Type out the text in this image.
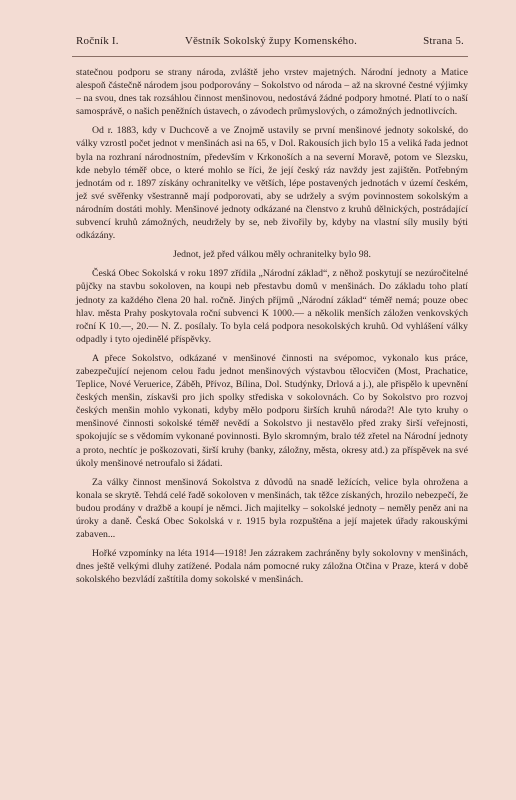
Ročník I.	Věstník Sokolský župy Komenského.	Strana 5.

statečnou podporu se strany národa, zvláště jeho vrstev majetných. Národní jednoty a Matice alespoň částečně národem jsou podporovány – Sokolstvo od národa – až na skrovné čestné výjimky – na svou, dnes tak rozsáhlou činnost menšinovou, nedostává žádné podpory hmotné. Platí to o naší samosprávě, o našich peněžních ústavech, o závodech průmyslových, o zámožných jednotlivcích.

Od r. 1883, kdy v Duchcově a ve Znojmě ustavily se první menšinové jednoty sokolské, do války vzrostl počet jednot v menšinách asi na 65, v Dol. Rakousích jich bylo 15 a veliká řada jednot byla na rozhraní národnostním, především v Krkonoších a na severní Moravě, potom ve Slezsku, kde nebylo téměř obce, o které mohlo se říci, že její český ráz navždy jest zajištěn. Potřebným jednotám od r. 1897 získány ochranitelky ve větších, lépe postavených jednotách v území českém, jež své svěřenky všestranně mají podporovati, aby se udržely a svým povinnostem sokolským a národním dostáti mohly. Menšinové jednoty odkázané na členstvo z kruhů dělnických, postrádající subvencí kruhů zámožných, neudržely by se, neb živořily by, kdyby na vlastní síly musily býti odkázány.

Jednot, jež před válkou měly ochranitelky bylo 98.

Česká Obec Sokolská v roku 1897 zřídila „Národní základ“, z něhož poskytují se nezúročitelné půjčky na stavbu sokoloven, na koupi neb přestavbu domů v menšinách. Do základu toho platí jednoty za každého člena 20 hal. ročně. Jiných příjmů „Národní základ“ téměř nemá; pouze obec hlav. města Prahy poskytovala roční subvenci K 1000.— a několik menších záložen venkovských roční K 10.—, 20.— N. Z. posílaly. To byla celá podpora nesokolských kruhů. Od vyhlášení války odpadly i tyto ojedinělé příspěvky.

A přece Sokolstvo, odkázané v menšinové činnosti na svépomoc, vykonalo kus práce, zabezpečující nejenom celou řadu jednot menšinových výstavbou tělocvičen (Most, Prachatice, Teplice, Nové Veruerice, Záběh, Přívoz, Bílina, Dol. Studýnky, Drlová a j.), ale přispělo k upevnění českých menšin, získavši pro jich spolky střediska v sokolovnách. Co by Sokolstvo pro rozvoj českých menšin mohlo vykonati, kdyby mělo podporu širších kruhů národa?! Ale tyto kruhy o menšinové činnosti sokolské téměř nevědí a Sokolstvo ji nestavělo před zraky širší veřejnosti, spokojujíc se s vědomím vykonané povinnosti. Bylo skromným, bralo též zřetel na Národní jednoty a proto, nechtíc je poškozovati, širší kruhy (banky, záložny, města, okresy atd.) za příspěvek na své úkoly menšinové netroufalo si žádati.

Za války činnost menšinová Sokolstva z důvodů na snadě ležících, velice byla ohrožena a konala se skrytě. Tehdá celé řadě sokoloven v menšinách, tak těžce získaných, hrozilo nebezpečí, že budou prodány v dražbě a koupí je němci. Jich majitelky – sokolské jednoty – neměly peněz ani na úroky a daně. Česká Obec Sokolská v r. 1915 byla rozpuštěna a její majetek úřady rakouskými zabaven...

Hořké vzpomínky na léta 1914—1918! Jen zázrakem zachráněny byly sokolovny v menšinách, dnes ještě velkými dluhy zatížené. Podala nám pomocné ruky záložna Otčina v Praze, která v době sokolského bezvládí zaštítila domy sokolské v menšinách.
